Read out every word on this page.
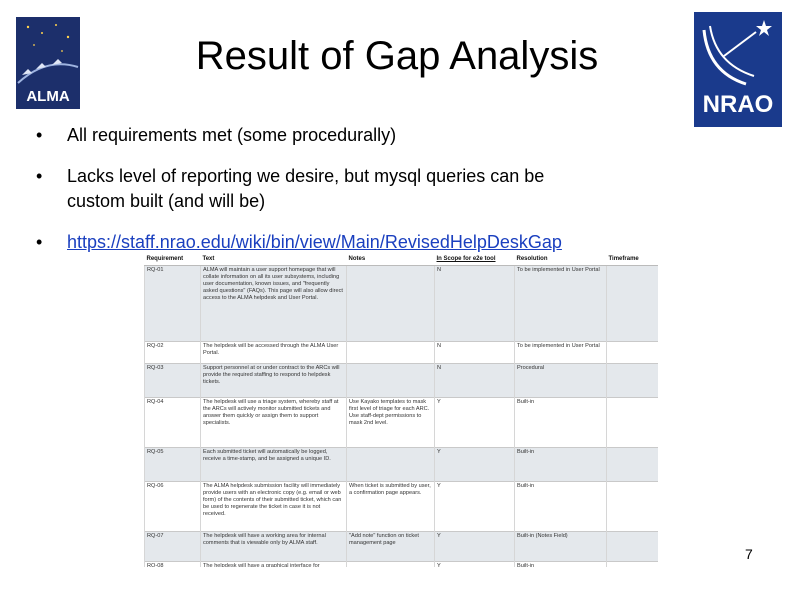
ALMA	NRAO
Result of Gap Analysis
• All requirements met (some procedurally)
• Lacks level of reporting we desire, but mysql queries can be
custom built (and will be)
• https://staff.nrao.edu/wiki/bin/view/Main/RevisedHelpDeskGap
Requirement	Text	Notes	In Scope for e2e tool	Resolution	Timeframe
RQ-01	ALMA will maintain a user support homepage that will collate information on all its user subsystems, including user documentation, known issues, and "frequently asked questions" (FAQs). This page will also allow direct access to the ALMA helpdesk and User Portal.		N	To be implemented in User Portal	
RQ-02	The helpdesk will be accessed through the ALMA User Portal.		N	To be implemented in User Portal	
RQ-03	Support personnel at or under contract to the ARCs will provide the required staffing to respond to helpdesk tickets.		N	Procedural	
RQ-04	The helpdesk will use a triage system, whereby staff at the ARCs will actively monitor submitted tickets and answer them quickly or assign them to support specialists.	Use Kayako templates to mask first level of triage for each ARC. Use staff-dept permissions to mask 2nd level.	Y	Built-in	
RQ-05	Each submitted ticket will automatically be logged, receive a time-stamp, and be assigned a unique ID.		Y	Built-in	
RQ-06	The ALMA helpdesk submission facility will immediately provide users with an electronic copy (e.g. email or web form) of the contents of their submitted ticket, which can be used to regenerate the ticket in case it is not received.	When ticket is submitted by user, a confirmation page appears.	Y	Built-in	
RQ-07	The helpdesk will have a working area for internal comments that is viewable only by ALMA staff.	"Add note" function on ticket management page	Y	Built-in (Notes Field)	
RQ-08	The helpdesk will have a graphical interface for		Y	Built-in	
7
